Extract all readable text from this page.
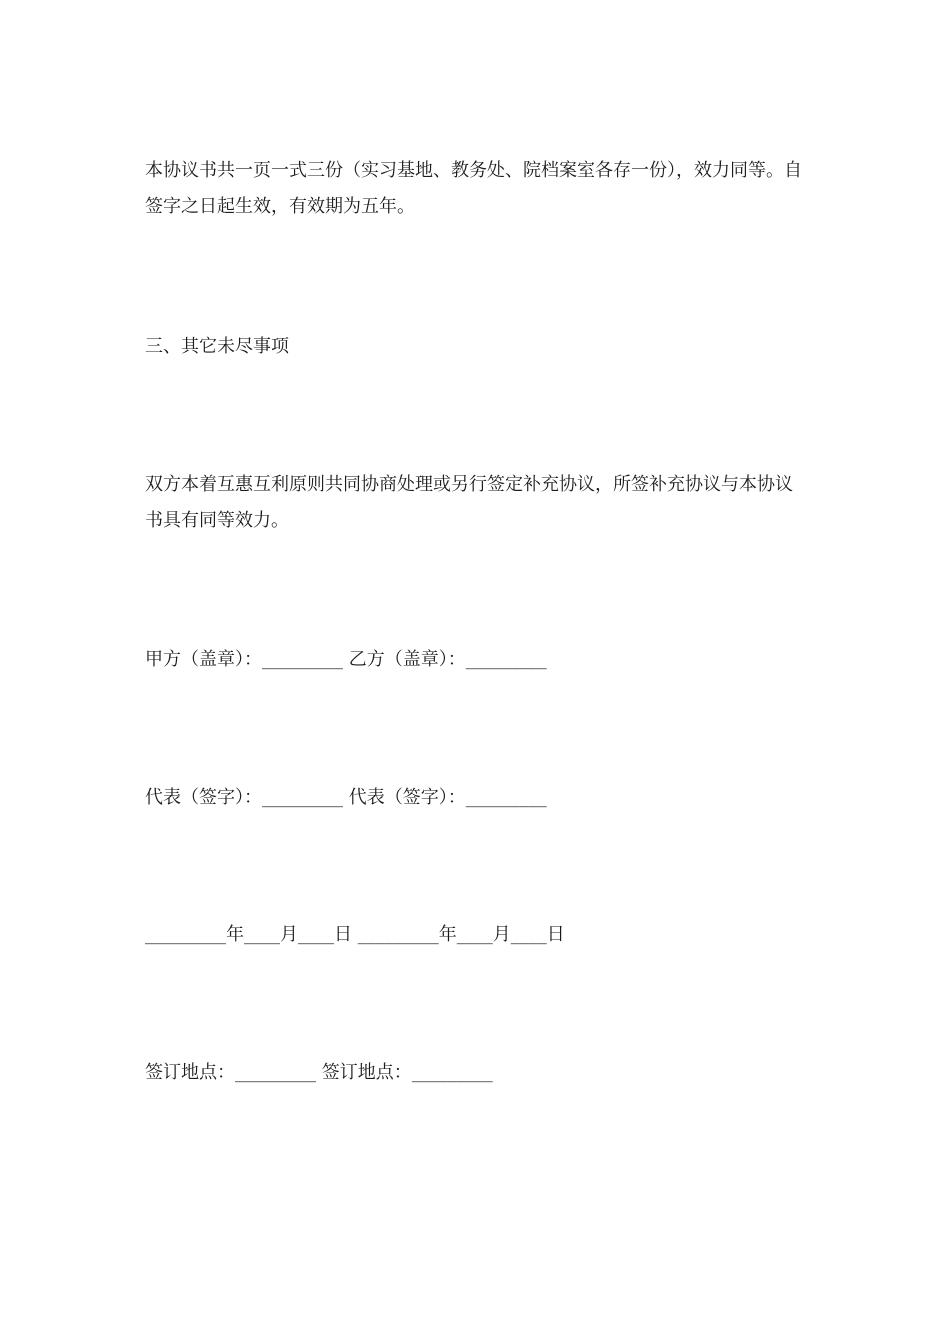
本协议书共一页一式三份（实习基地、教务处、院档案室各存一份），效力同等。自签字之日起生效，有效期为五年。

三、其它未尽事项

双方本着互惠互利原则共同协商处理或另行签定补充协议，所签补充协议与本协议书具有同等效力。

甲方（盖章）：_________ 乙方（盖章）：_________

代表（签字）：_________ 代表（签字）：_________

_________年____月____日 _________年____月____日

签订地点：_________ 签订地点：_________
